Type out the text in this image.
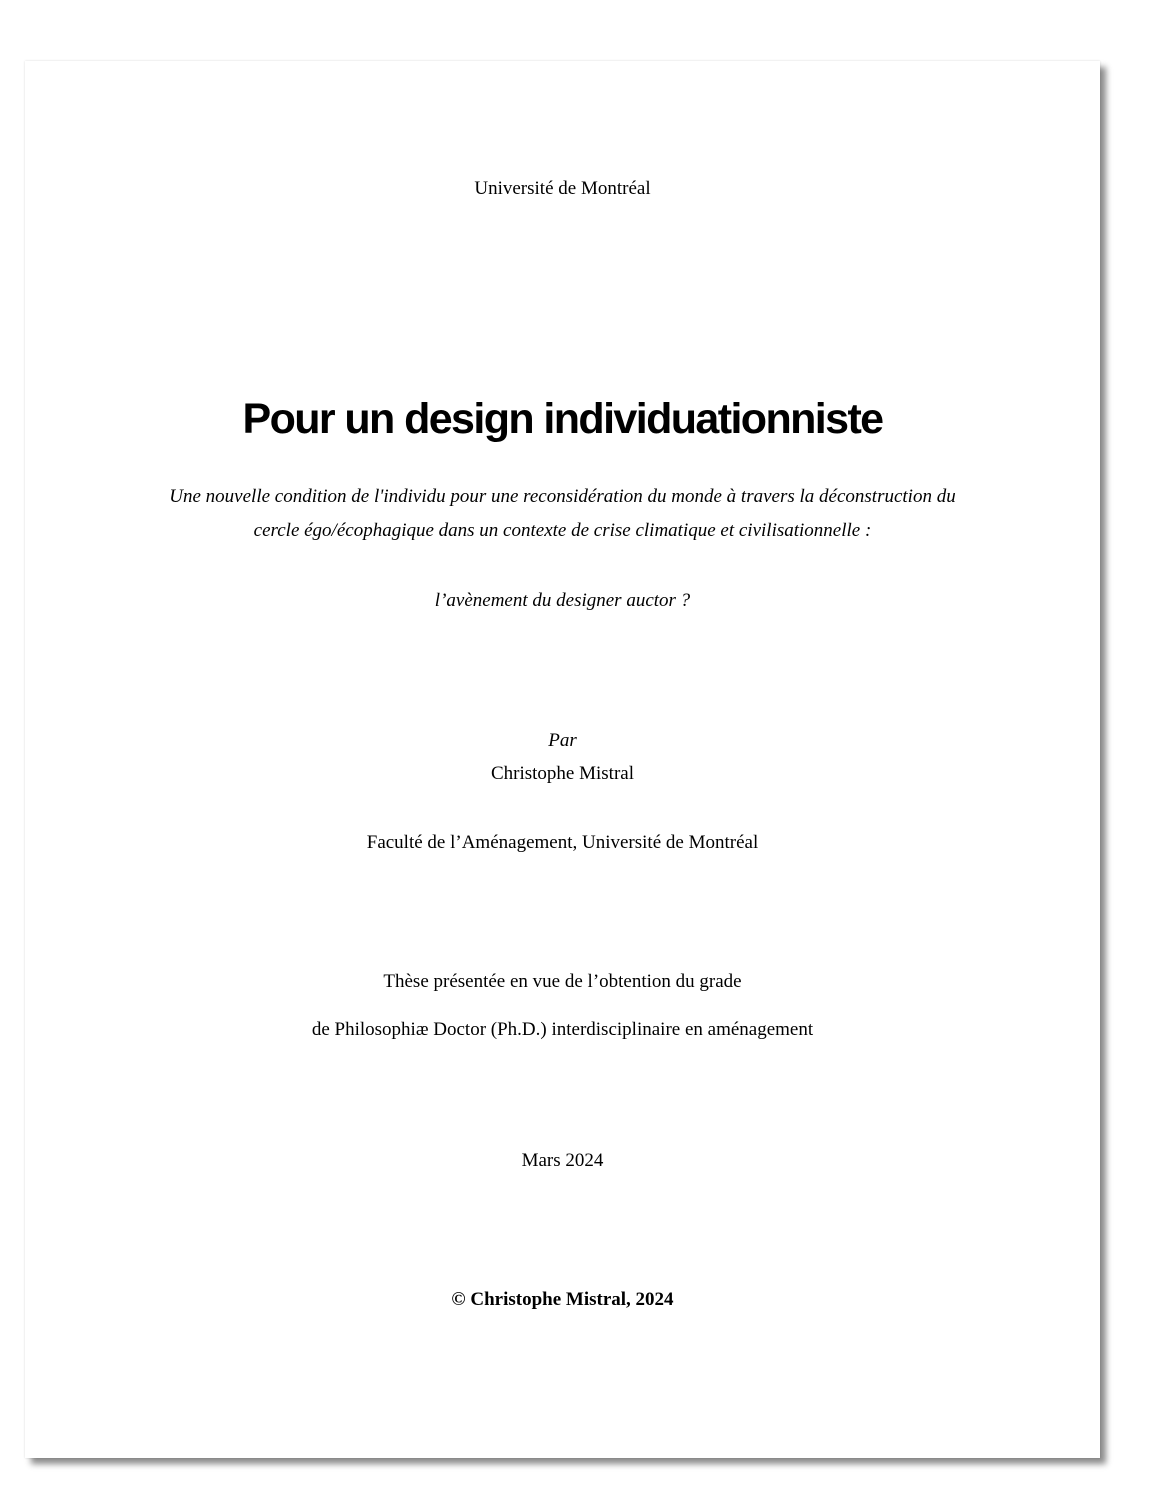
Université de Montréal
Pour un design individuationniste
Une nouvelle condition de l'individu pour une reconsidération du monde à travers la déconstruction du
cercle égo/écophagique dans un contexte de crise climatique et civilisationnelle :
l’avènement du designer auctor ?
Par
Christophe Mistral
Faculté de l’Aménagement, Université de Montréal
Thèse présentée en vue de l’obtention du grade
de Philosophiæ Doctor (Ph.D.) interdisciplinaire en aménagement
Mars 2024
© Christophe Mistral, 2024
